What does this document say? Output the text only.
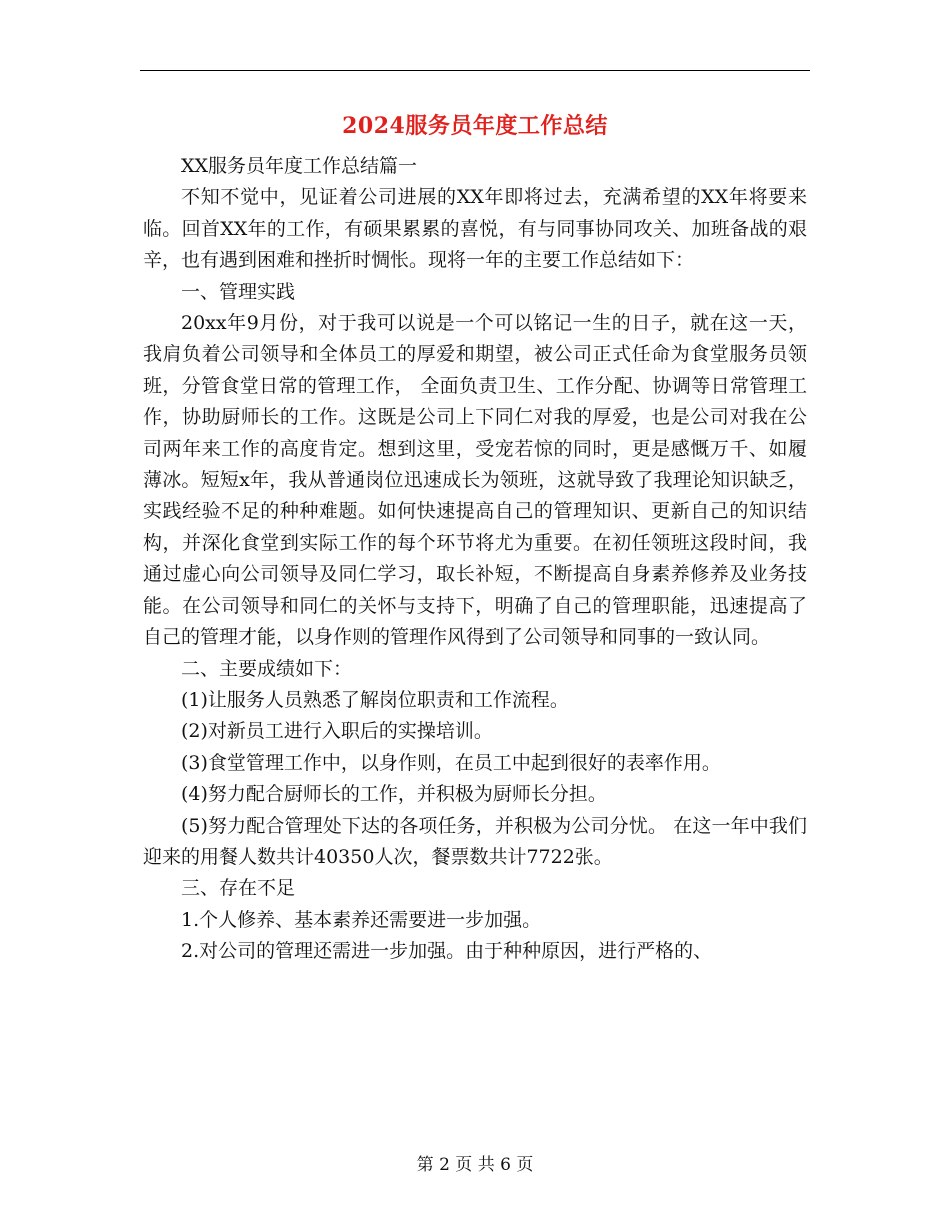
2024服务员年度工作总结

XX服务员年度工作总结篇一

不知不觉中，见证着公司进展的XX年即将过去，充满希望的XX年将要来临。回首XX年的工作，有硕果累累的喜悦，有与同事协同攻关、加班备战的艰辛，也有遇到困难和挫折时惆怅。现将一年的主要工作总结如下：

一、管理实践

20xx年9月份，对于我可以说是一个可以铭记一生的日子，就在这一天，我肩负着公司领导和全体员工的厚爱和期望，被公司正式任命为食堂服务员领班，分管食堂日常的管理工作， 全面负责卫生、工作分配、协调等日常管理工作，协助厨师长的工作。这既是公司上下同仁对我的厚爱，也是公司对我在公司两年来工作的高度肯定。想到这里，受宠若惊的同时，更是感慨万千、如履薄冰。短短x年，我从普通岗位迅速成长为领班，这就导致了我理论知识缺乏，实践经验不足的种种难题。如何快速提高自己的管理知识、更新自己的知识结构，并深化食堂到实际工作的每个环节将尤为重要。在初任领班这段时间，我通过虚心向公司领导及同仁学习，取长补短，不断提高自身素养修养及业务技能。在公司领导和同仁的关怀与支持下，明确了自己的管理职能，迅速提高了自己的管理才能，以身作则的管理作风得到了公司领导和同事的一致认同。

二、主要成绩如下：

(1)让服务人员熟悉了解岗位职责和工作流程。

(2)对新员工进行入职后的实操培训。

(3)食堂管理工作中，以身作则，在员工中起到很好的表率作用。

(4)努力配合厨师长的工作，并积极为厨师长分担。

(5)努力配合管理处下达的各项任务，并积极为公司分忧。 在这一年中我们迎来的用餐人数共计40350人次，餐票数共计7722张。

三、存在不足

1.个人修养、基本素养还需要进一步加强。

2.对公司的管理还需进一步加强。由于种种原因，进行严格的、

第 2 页 共 6 页
